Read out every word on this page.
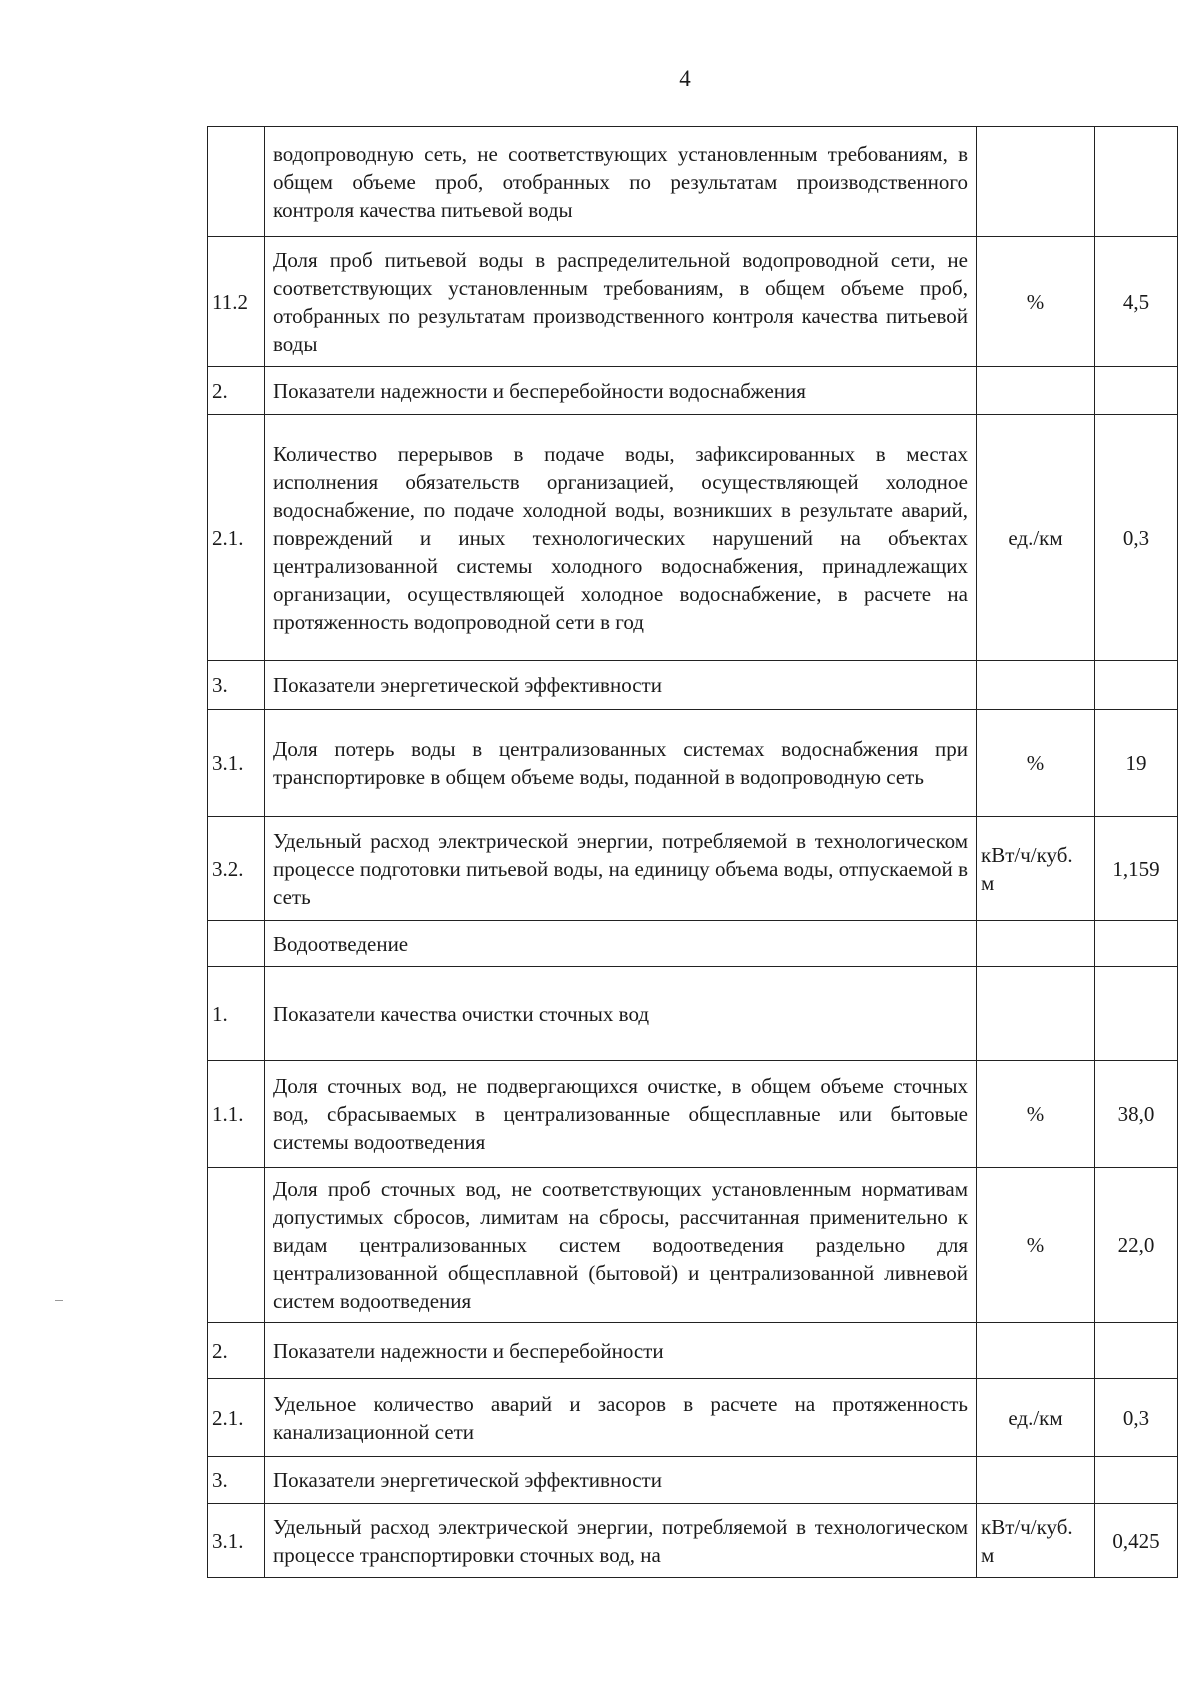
4
	водопроводную сеть, не соответствующих установленным требованиям, в общем объеме проб, отобранных по результатам производственного контроля качества питьевой воды		
11.2	Доля проб питьевой воды в распределительной водопроводной сети, не соответствующих установленным требованиям, в общем объеме проб, отобранных по результатам производственного контроля качества питьевой воды	%	4,5
2.	Показатели надежности и бесперебойности водоснабжения		
2.1.	Количество перерывов в подаче воды, зафиксированных в местах исполнения обязательств организацией, осуществляющей холодное водоснабжение, по подаче холодной воды, возникших в результате аварий, повреждений и иных технологических нарушений на объектах централизованной системы холодного водоснабжения, принадлежащих организации, осуществляющей холодное водоснабжение, в расчете на протяженность водопроводной сети в год	ед./км	0,3
3.	Показатели энергетической эффективности		
3.1.	Доля потерь воды в централизованных системах водоснабжения при транспортировке в общем объеме воды, поданной в водопроводную сеть	%	19
3.2.	Удельный расход электрической энергии, потребляемой в технологическом процессе подготовки питьевой воды, на единицу объема воды, отпускаемой в сеть	кВт/ч/куб. м	1,159
	Водоотведение		
1.	Показатели качества очистки сточных вод		
1.1.	Доля сточных вод, не подвергающихся очистке, в общем объеме сточных вод, сбрасываемых в централизованные общесплавные или бытовые системы водоотведения	%	38,0
	Доля проб сточных вод, не соответствующих установленным нормативам допустимых сбросов, лимитам на сбросы, рассчитанная применительно к видам централизованных систем водоотведения раздельно для централизованной общесплавной (бытовой) и централизованной ливневой систем водоотведения	%	22,0
2.	Показатели надежности и бесперебойности		
2.1.	Удельное количество аварий и засоров в расчете на протяженность канализационной сети	ед./км	0,3
3.	Показатели энергетической эффективности		
3.1.	Удельный расход электрической энергии, потребляемой в технологическом процессе транспортировки сточных вод, на	кВт/ч/куб. м	0,425
